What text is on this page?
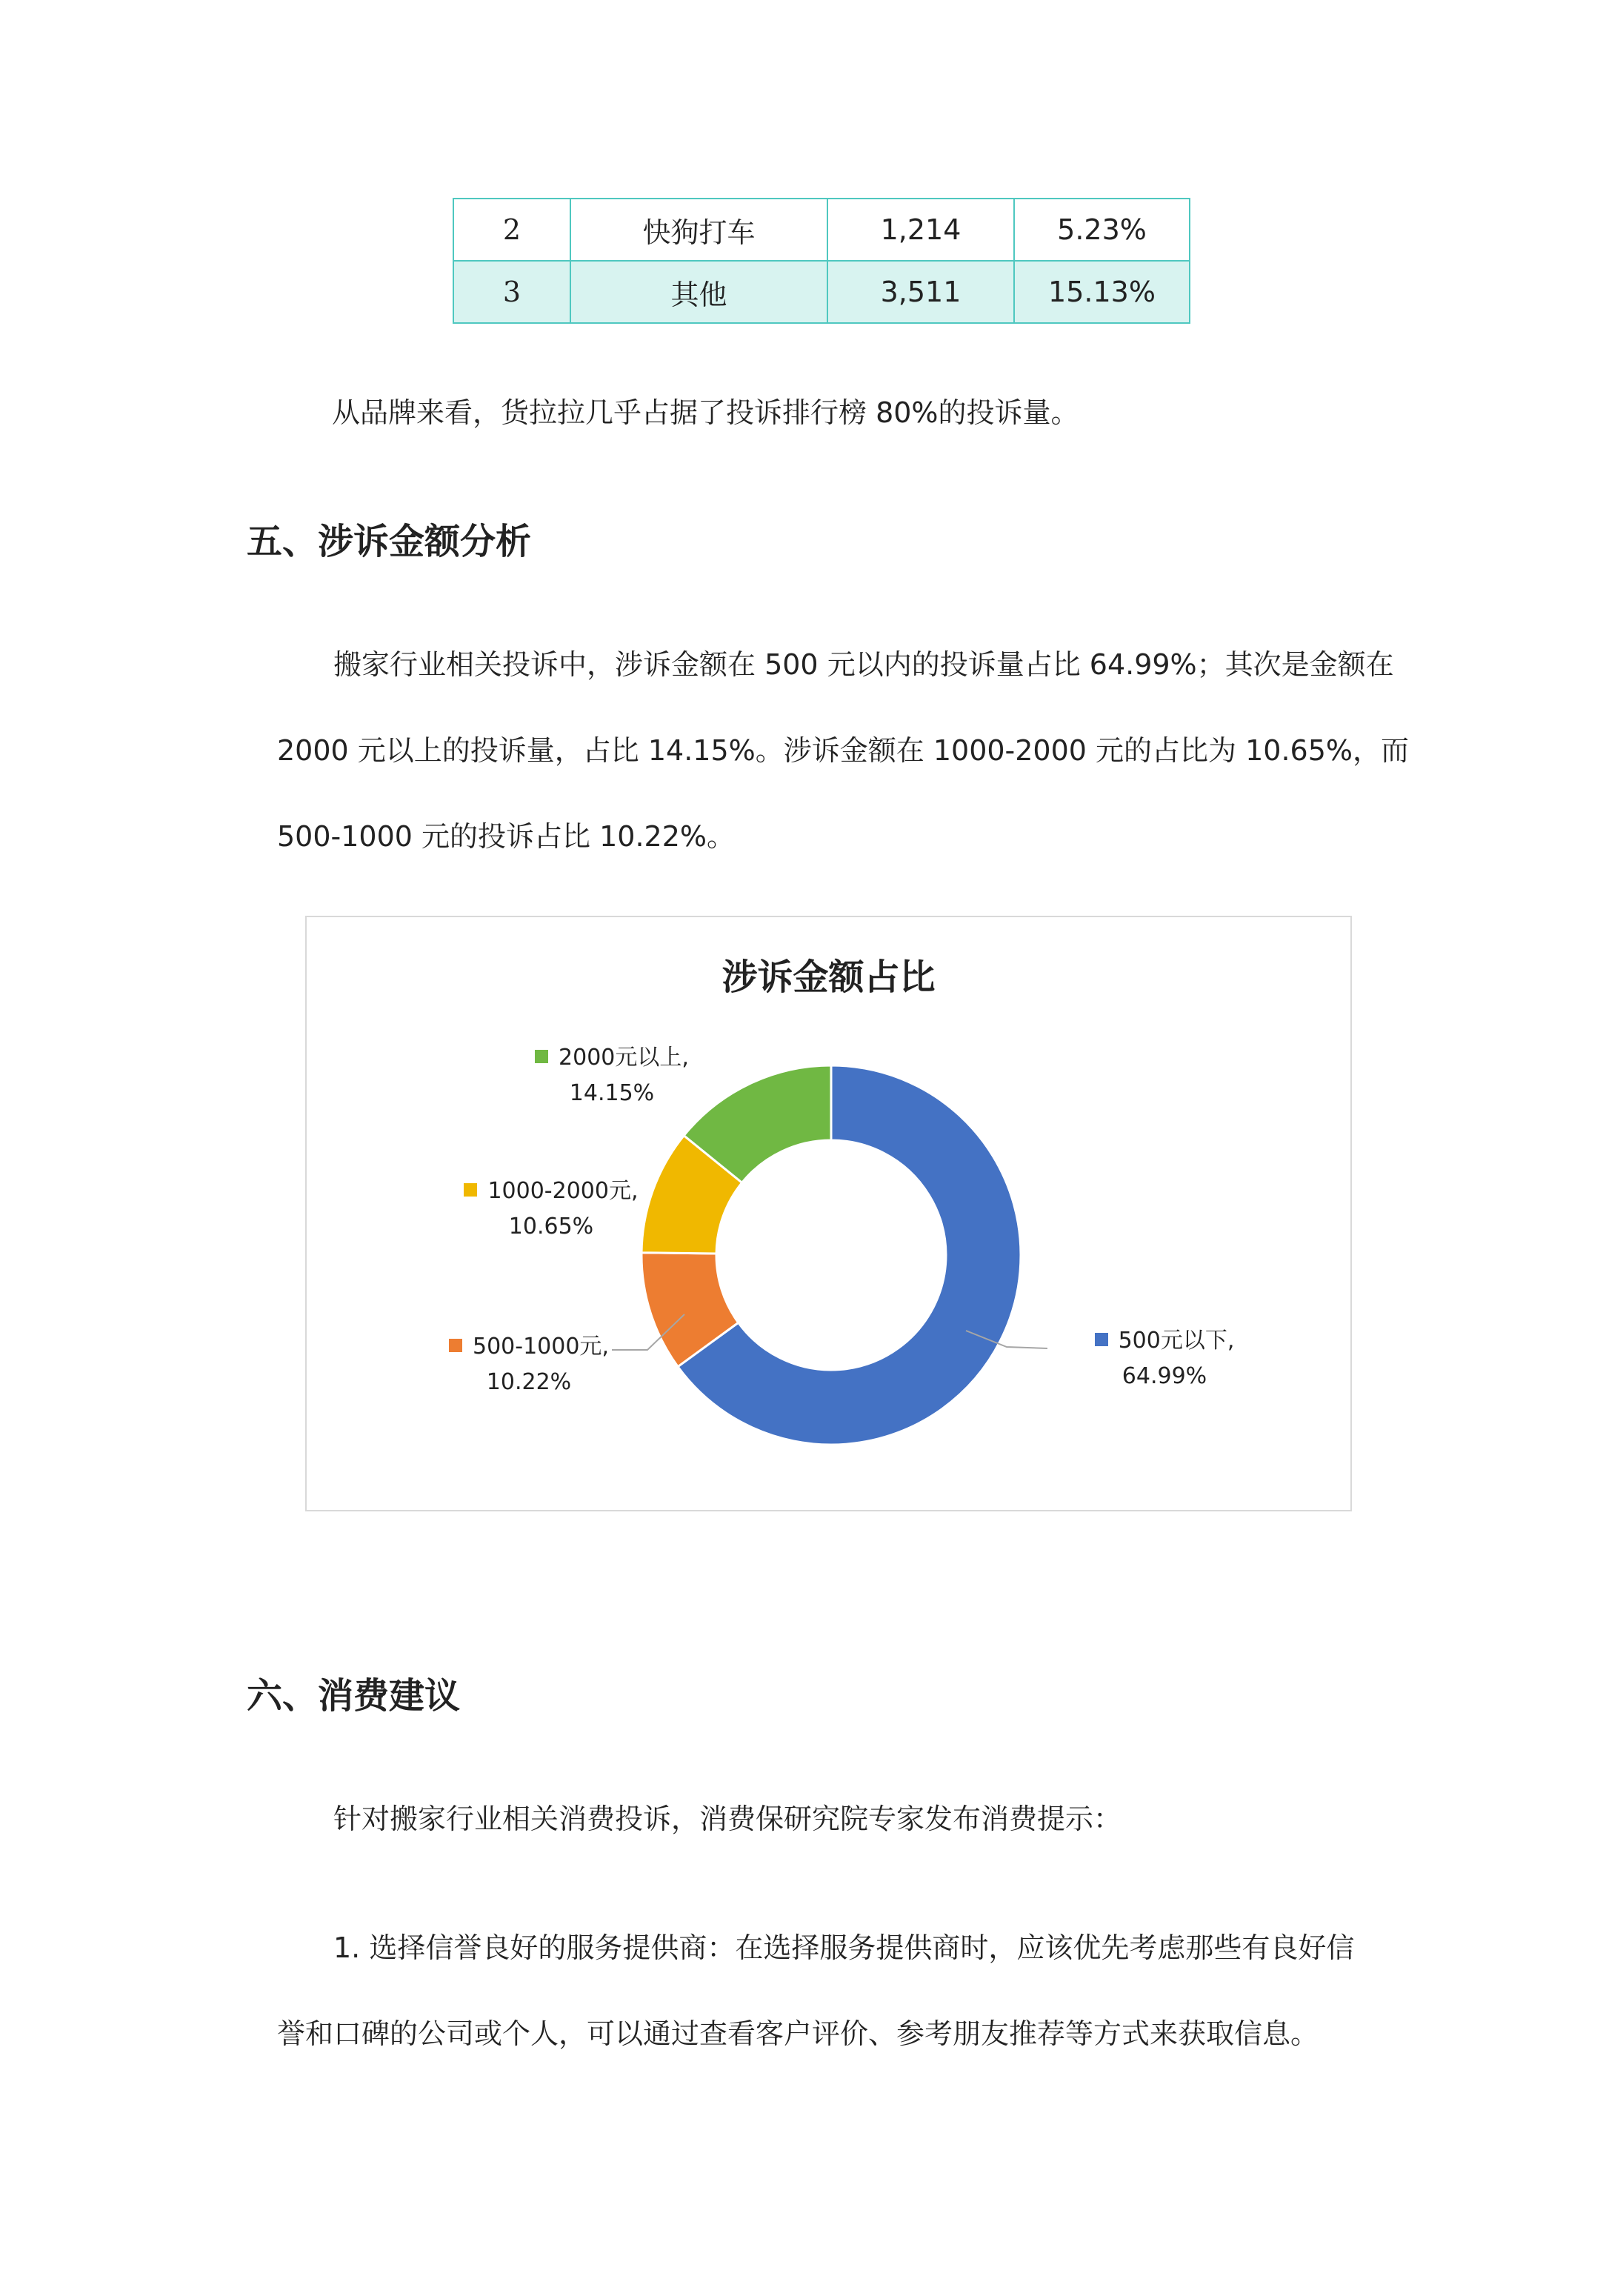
2	快狗打车	1,214	5.23%
3	其他	3,511	15.13%
从品牌来看，货拉拉几乎占据了投诉排行榜 80%的投诉量。
五、涉诉金额分析
搬家行业相关投诉中，涉诉金额在 500 元以内的投诉量占比 64.99%；其次是金额在
2000 元以上的投诉量，占比 14.15%。涉诉金额在 1000-2000 元的占比为 10.65%，而
500-1000 元的投诉占比 10.22%。
涉诉金额占比
500元以下,
64.99%
500-1000元,
10.22%
1000-2000元,
10.65%
2000元以上,
14.15%
六、消费建议
针对搬家行业相关消费投诉，消费保研究院专家发布消费提示：
1. 选择信誉良好的服务提供商：在选择服务提供商时，应该优先考虑那些有良好信
誉和口碑的公司或个人，可以通过查看客户评价、参考朋友推荐等方式来获取信息。
